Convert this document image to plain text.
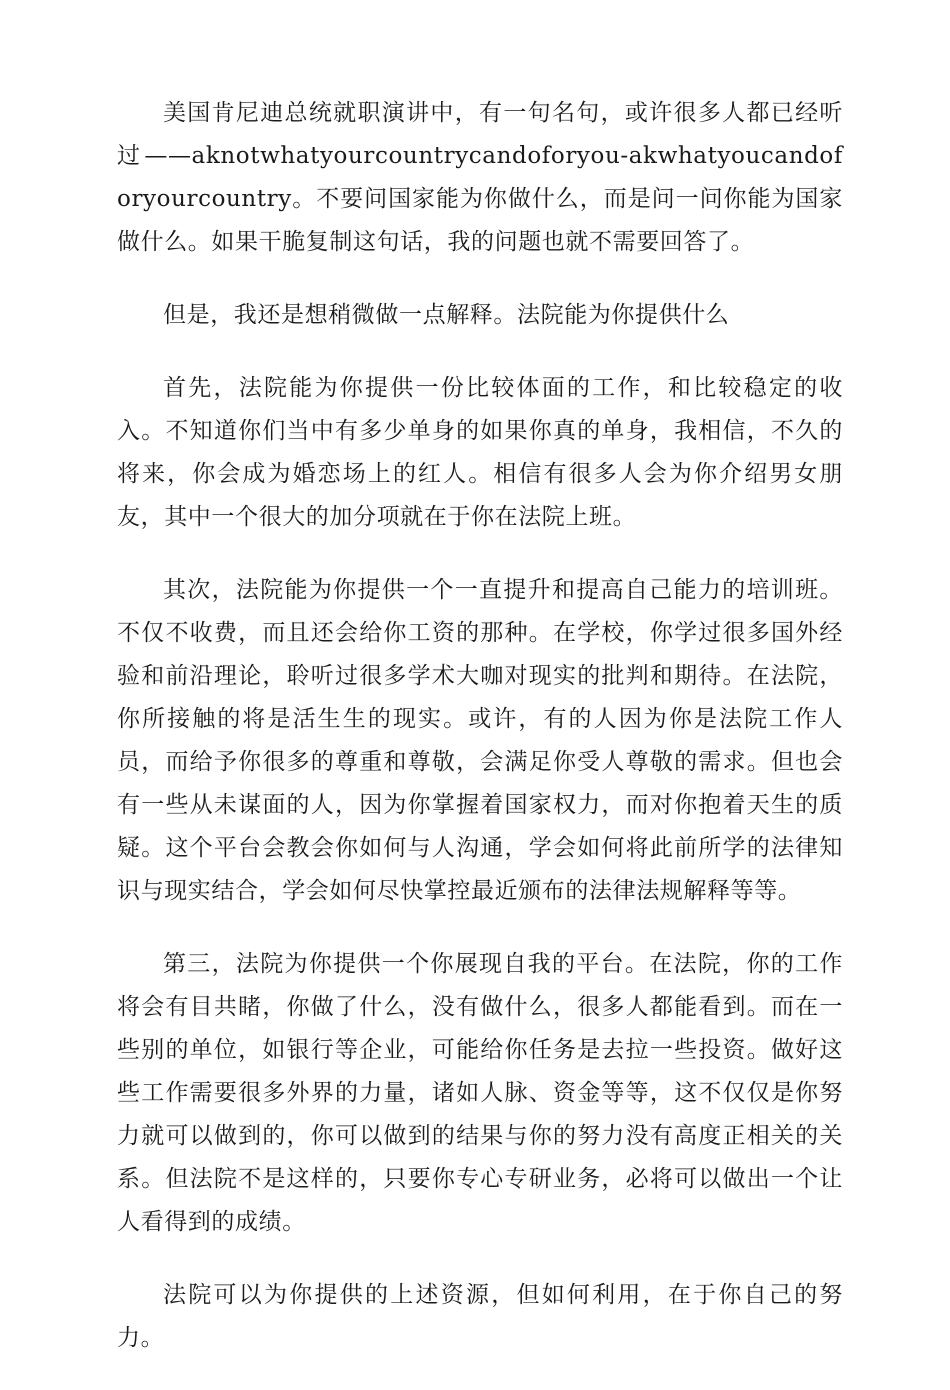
美国肯尼迪总统就职演讲中，有一句名句，或许很多人都已经听过——aknotwhatyourcountrycandoforyou-akwhatyoucandoforyourcountry。不要问国家能为你做什么，而是问一问你能为国家做什么。如果干脆复制这句话，我的问题也就不需要回答了。

但是，我还是想稍微做一点解释。法院能为你提供什么

首先，法院能为你提供一份比较体面的工作，和比较稳定的收入。不知道你们当中有多少单身的如果你真的单身，我相信，不久的将来，你会成为婚恋场上的红人。相信有很多人会为你介绍男女朋友，其中一个很大的加分项就在于你在法院上班。

其次，法院能为你提供一个一直提升和提高自己能力的培训班。不仅不收费，而且还会给你工资的那种。在学校，你学过很多国外经验和前沿理论，聆听过很多学术大咖对现实的批判和期待。在法院，你所接触的将是活生生的现实。或许，有的人因为你是法院工作人员，而给予你很多的尊重和尊敬，会满足你受人尊敬的需求。但也会有一些从未谋面的人，因为你掌握着国家权力，而对你抱着天生的质疑。这个平台会教会你如何与人沟通，学会如何将此前所学的法律知识与现实结合，学会如何尽快掌控最近颁布的法律法规解释等等。

第三，法院为你提供一个你展现自我的平台。在法院，你的工作将会有目共睹，你做了什么，没有做什么，很多人都能看到。而在一些别的单位，如银行等企业，可能给你任务是去拉一些投资。做好这些工作需要很多外界的力量，诸如人脉、资金等等，这不仅仅是你努力就可以做到的，你可以做到的结果与你的努力没有高度正相关的关系。但法院不是这样的，只要你专心专研业务，必将可以做出一个让人看得到的成绩。

法院可以为你提供的上述资源，但如何利用，在于你自己的努力。
